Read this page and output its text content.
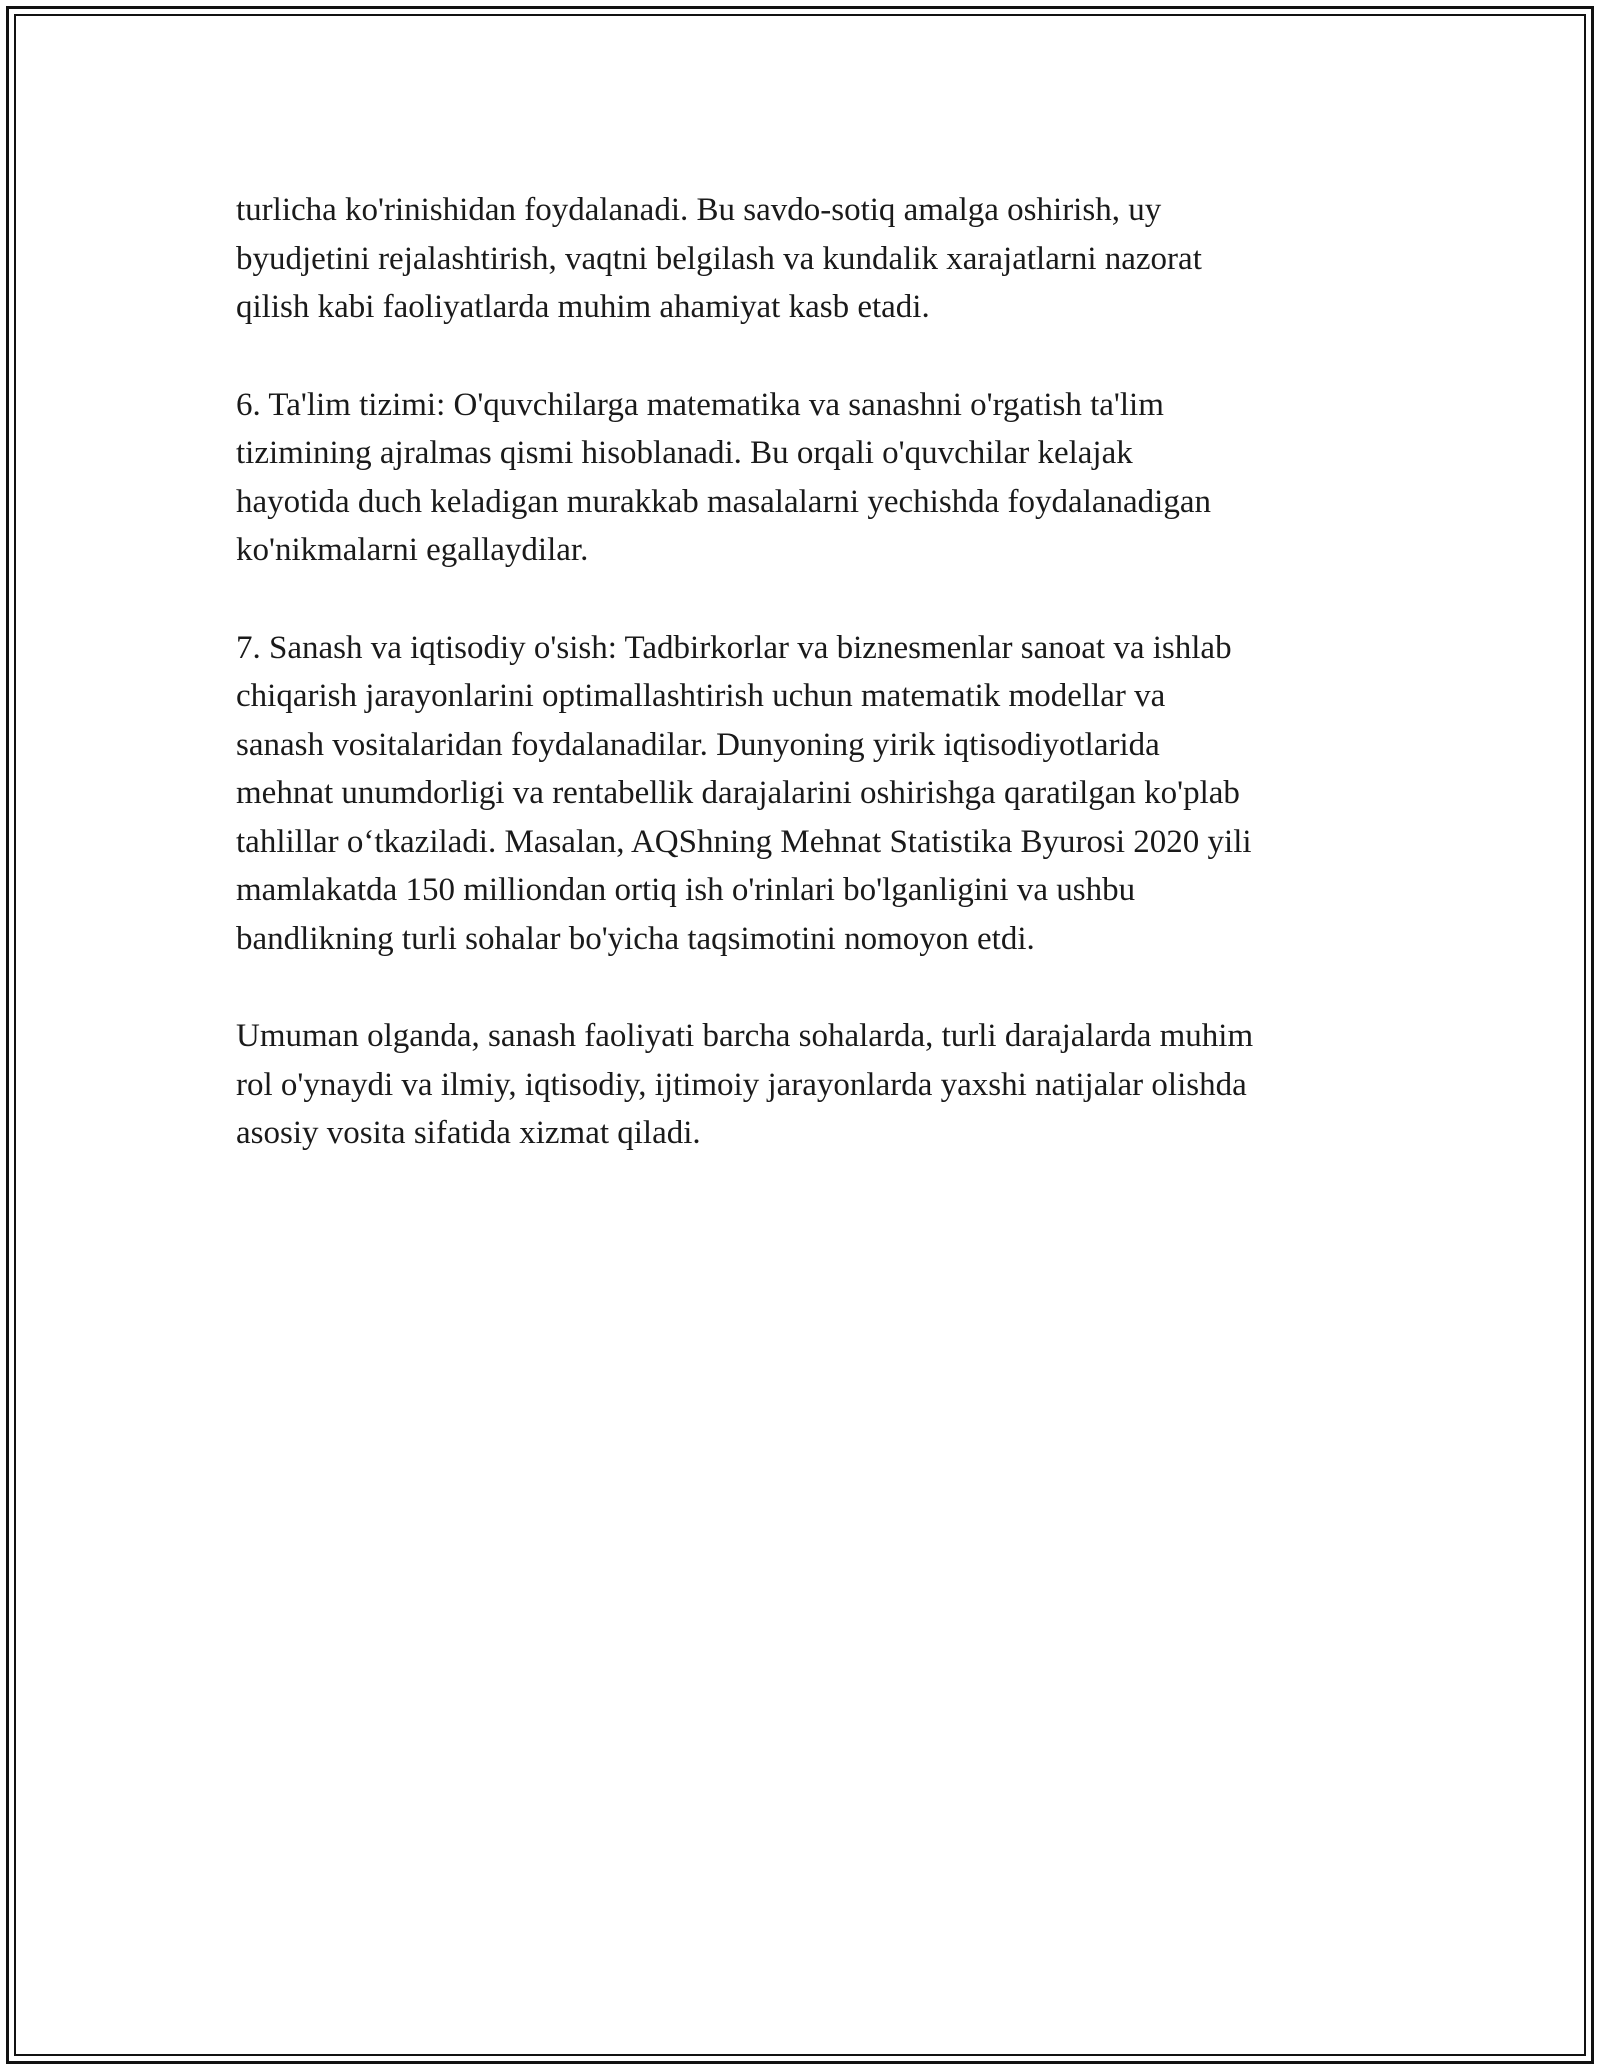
turlicha ko'rinishidan foydalanadi. Bu savdo-sotiq amalga oshirish, uy
byudjetini rejalashtirish, vaqtni belgilash va kundalik xarajatlarni nazorat
qilish kabi faoliyatlarda muhim ahamiyat kasb etadi.

6. Ta'lim tizimi: O'quvchilarga matematika va sanashni o'rgatish ta'lim
tizimining ajralmas qismi hisoblanadi. Bu orqali o'quvchilar kelajak
hayotida duch keladigan murakkab masalalarni yechishda foydalanadigan
ko'nikmalarni egallaydilar.

7. Sanash va iqtisodiy o'sish: Tadbirkorlar va biznesmenlar sanoat va ishlab
chiqarish jarayonlarini optimallashtirish uchun matematik modellar va
sanash vositalaridan foydalanadilar. Dunyoning yirik iqtisodiyotlarida
mehnat unumdorligi va rentabellik darajalarini oshirishga qaratilgan ko'plab
tahlillar o‘tkaziladi. Masalan, AQShning Mehnat Statistika Byurosi 2020 yili
mamlakatda 150 milliondan ortiq ish o'rinlari bo'lganligini va ushbu
bandlikning turli sohalar bo'yicha taqsimotini nomoyon etdi.

Umuman olganda, sanash faoliyati barcha sohalarda, turli darajalarda muhim
rol o'ynaydi va ilmiy, iqtisodiy, ijtimoiy jarayonlarda yaxshi natijalar olishda
asosiy vosita sifatida xizmat qiladi.
